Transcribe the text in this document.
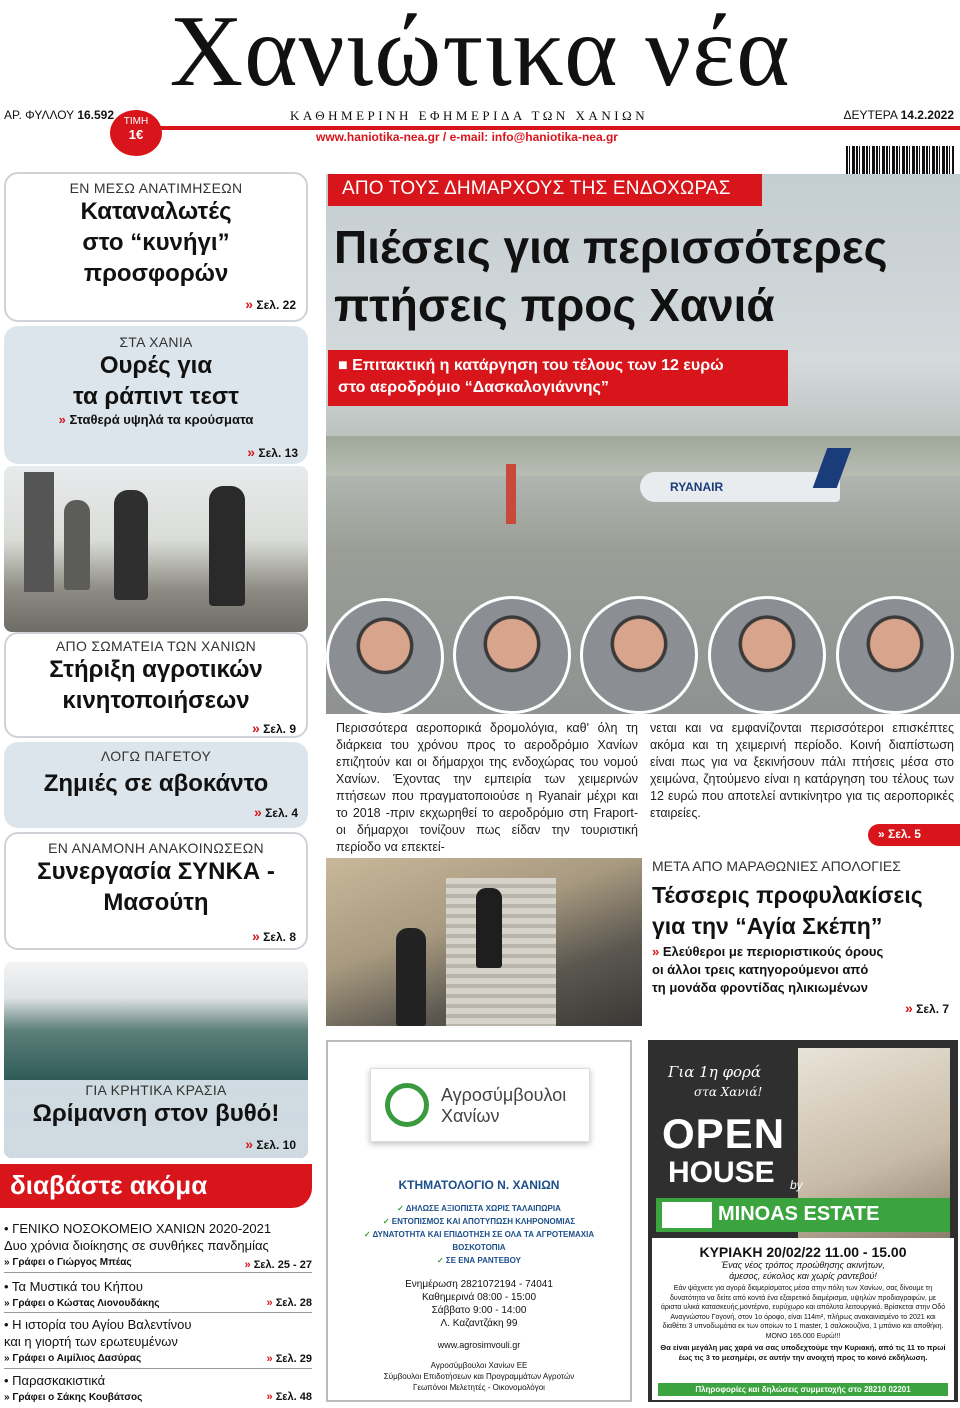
Χανιώτικα νέα
ΑΡ. ΦΥΛΛΟΥ 16.592 ΤΙΜΗ
1€
ΚΑΘΗΜΕΡΙΝΗ ΕΦΗΜΕΡΙΔΑ ΤΩΝ ΧΑΝΙΩΝ	ΔΕΥΤΕΡΑ 14.2.2022
www.haniotika-nea.gr / e-mail: info@haniotika-nea.gr
ΕΝ ΜΕΣΩ ΑΝΑΤΙΜΗΣΕΩΝ
Καταναλωτές
στο “κυνήγι”
προσφορών
» Σελ. 22
ΣΤΑ ΧΑΝΙΑ
Ουρές για
τα ράπιντ τεστ
» Σταθερά υψηλά τα κρούσματα
» Σελ. 13
ΑΠΟ ΣΩΜΑΤΕΙΑ ΤΩΝ ΧΑΝΙΩΝ
Στήριξη αγροτικών
κινητοποιήσεων
» Σελ. 9
ΛΟΓΩ ΠΑΓΕΤΟΥ
Ζημιές σε αβοκάντο
» Σελ. 4
ΕΝ ΑΝΑΜΟΝΗ ΑΝΑΚΟΙΝΩΣΕΩΝ
Συνεργασία ΣΥΝΚΑ -
Μασούτη
» Σελ. 8
ΓΙΑ ΚΡΗΤΙΚΑ ΚΡΑΣΙΑ
Ωρίμανση στον βυθό!
» Σελ. 10
διαβάστε ακόμα
• ΓΕΝΙΚΟ ΝΟΣΟΚΟΜΕΙΟ ΧΑΝΙΩΝ 2020-2021
Δυο χρόνια διοίκησης σε συνθήκες πανδημίας
» Γράφει ο Γιώργος Μπέας	» Σελ. 25 - 27
• Τα Μυστικά του Κήπου
» Γράφει ο Κώστας Λιονουδάκης	» Σελ. 28
• Η ιστορία του Αγίου Βαλεντίνου
και η γιορτή των ερωτευμένων
» Γράφει ο Αιμίλιος Δασύρας	» Σελ. 29
• Παρασκακιστικά
» Γράφει ο Σάκης Κουβάτσος	» Σελ. 48
RYANAIR
ΑΠΟ ΤΟΥΣ ΔΗΜΑΡΧΟΥΣ ΤΗΣ ΕΝΔΟΧΩΡΑΣ
Πιέσεις για περισσότερες
πτήσεις προς Χανιά
■ Επιτακτική η κατάργηση του τέλους των 12 ευρώ
στο αεροδρόμιο “Δασκαλογιάννης”
Περισσότερα αεροπορικά δρομολόγια, καθ' όλη τη διάρκεια του χρόνου προς το αεροδρόμιο Χανίων επιζητούν και οι δήμαρχοι της ενδοχώρας του νομού Χανίων. Έχοντας την εμπειρία των χειμερινών πτήσεων που πραγματοποιούσε η Ryanair μέχρι και το 2018 -πριν εκχωρηθεί το αεροδρόμιο στη Fraport- οι δήμαρχοι τονίζουν πως είδαν την τουριστική περίοδο να επεκτεί-
νεται και να εμφανίζονται περισσότεροι επισκέπτες ακόμα και τη χειμερινή περίοδο. Κοινή διαπίστωση είναι πως για να ξεκινήσουν πάλι πτήσεις μέσα στο χειμώνα, ζητούμενο είναι η κατάργηση του τέλους των 12 ευρώ που αποτελεί αντικίνητρο για τις αεροπορικές εταιρείες.
» Σελ. 5
ΜΕΤΑ ΑΠΟ ΜΑΡΑΘΩΝΙΕΣ ΑΠΟΛΟΓΙΕΣ
Τέσσερις προφυλακίσεις
για την “Αγία Σκέπη”
» Ελεύθεροι με περιοριστικούς όρους
οι άλλοι τρεις κατηγορούμενοι από
τη μονάδα φροντίδας ηλικιωμένων
» Σελ. 7
Αγροσύμβουλοι
Χανίων
ΚΤΗΜΑΤΟΛΟΓΙΟ Ν. ΧΑΝΙΩΝ
✓ ΔΗΛΩΣΕ ΑΞΙΟΠΙΣΤΑ ΧΩΡΙΣ ΤΑΛΑΙΠΩΡΙΑ
✓ ΕΝΤΟΠΙΣΜΟΣ ΚΑΙ ΑΠΟΤΥΠΩΣΗ ΚΛΗΡΟΝΟΜΙΑΣ
✓ ΔΥΝΑΤΟΤΗΤΑ ΚΑΙ ΕΠΙΔΟΤΗΣΗ ΣΕ ΟΛΑ ΤΑ ΑΓΡΟΤΕΜΑΧΙΑ ΒΟΣΚΟΤΟΠΙΑ
✓ ΣΕ ΕΝΑ ΡΑΝΤΕΒΟΥ
Ενημέρωση 2821072194 - 74041
Καθημερινά 08:00 - 15:00
Σάββατο 9:00 - 14:00
Λ. Καζαντζάκη 99
www.agrosimvouli.gr
Αγροσύμβουλοι Χανίων ΕΕ
Σύμβουλοι Επιδοτήσεων και Προγραμμάτων Αγροτών
Γεωπόνοι Μελετητές - Οικονομολόγοι
Για 1η φορά
στα Χανιά!
OPEN
HOUSE by
MINOAS ESTATE
ΚΥΡΙΑΚΗ 20/02/22 11.00 - 15.00
Ένας νέος τρόπος προώθησης ακινήτων,
άμεσος, εύκολος και χωρίς ραντεβού!
Εάν ψάχνετε για αγορά διαμερίσματος μέσα στην πόλη των Χανίων, σας δίνουμε τη δυνατότητα να δείτε από κοντά ένα εξαιρετικό διαμέρισμα, υψηλών προδιαγραφών, με άριστα υλικά κατασκευής,μοντέρνο, ευρύχωρο και απόλυτα λειτουργικό. Βρίσκεται στην Οδό Αναγνώστου Γογονή, στον 1ο όροφο, είναι 114m², πλήρως ανακαινισμένο το 2021 και διαθέτει 3 υπνοδωμάτια εκ των οποίων το 1 master, 1 σαλοκουζίνα, 1 μπάνιο και αποθήκη. ΜΟΝΟ 165.000 Ευρώ!!!
Θα είναι μεγάλη μας χαρά να σας υποδεχτούμε την Κυριακή, από τις 11 το πρωί έως τις 3 το μεσημέρι, σε αυτήν την ανοιχτή προς το κοινό εκδήλωση.
Πληροφορίες και δηλώσεις συμμετοχής στο 28210 02201
